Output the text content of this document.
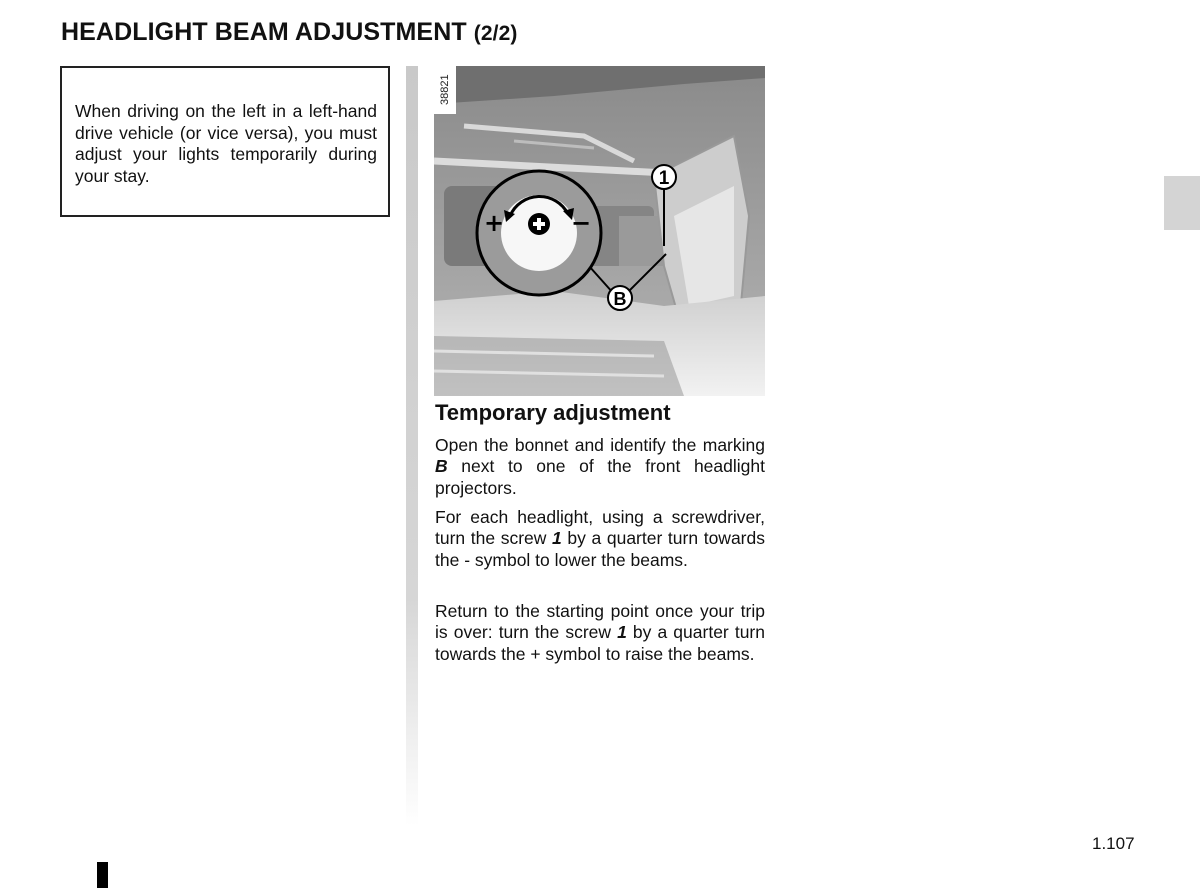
HEADLIGHT BEAM ADJUSTMENT (2/2)

When driving on the left in a left-hand drive vehicle (or vice versa), you must adjust your lights temporarily during your stay.

+	−
1
B
38821
Temporary adjustment

Open the bonnet and identify the marking B next to one of the front headlight projectors.

For each headlight, using a screwdriver, turn the screw 1 by a quarter turn towards the - symbol to lower the beams.

Return to the starting point once your trip is over: turn the screw 1 by a quarter turn towards the + symbol to raise the beams.

1.107
